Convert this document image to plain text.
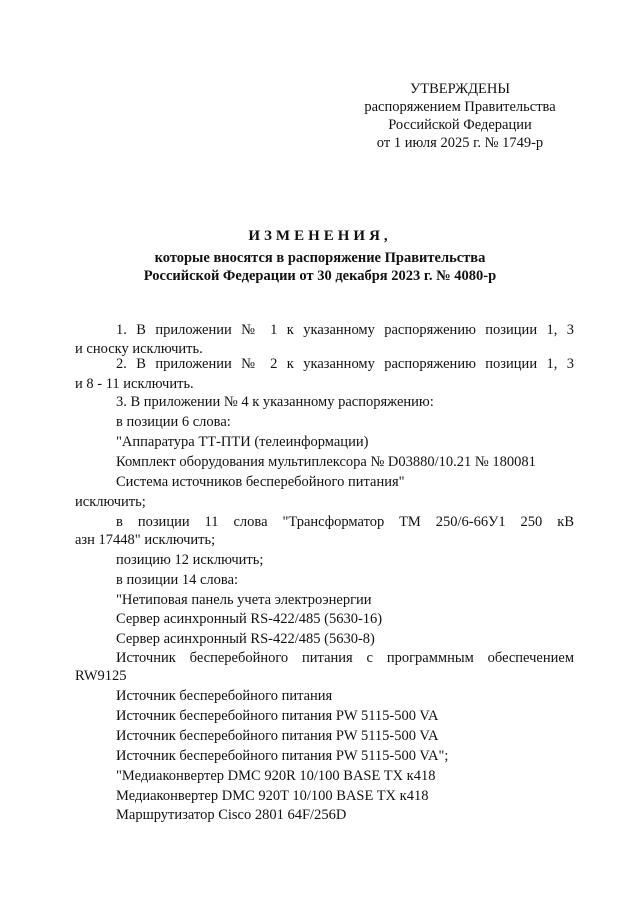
УТВЕРЖДЕНЫ
распоряжением Правительства
Российской Федерации
от 1 июля 2025 г. № 1749-р
ИЗМЕНЕНИЯ,
которые вносятся в распоряжение Правительства
Российской Федерации от 30 декабря 2023 г. № 4080-р
1. В приложении № 1 к указанному распоряжению позиции 1, 3
и сноску исключить.
2. В приложении № 2 к указанному распоряжению позиции 1, 3
и 8 - 11 исключить.
3. В приложении № 4 к указанному распоряжению:
в позиции 6 слова:
"Аппаратура ТТ-ПТИ (телеинформации)
Комплект оборудования мультиплексора № D03880/10.21 № 180081
Система источников бесперебойного питания"
исключить;
в позиции 11 слова "Трансформатор ТМ 250/6-66У1 250 кВ
азн 17448" исключить;
позицию 12 исключить;
в позиции 14 слова:
"Нетиповая панель учета электроэнергии
Сервер асинхронный RS-422/485 (5630-16)
Сервер асинхронный RS-422/485 (5630-8)
Источник бесперебойного питания с программным обеспечением
RW9125
Источник бесперебойного питания
Источник бесперебойного питания PW 5115-500 VA
Источник бесперебойного питания PW 5115-500 VA
Источник бесперебойного питания PW 5115-500 VA";
"Медиаконвертер DMC 920R 10/100 BASE TX к418
Медиаконвертер DMC 920T 10/100 BASE TX к418
Маршрутизатор Cisco 2801 64F/256D
